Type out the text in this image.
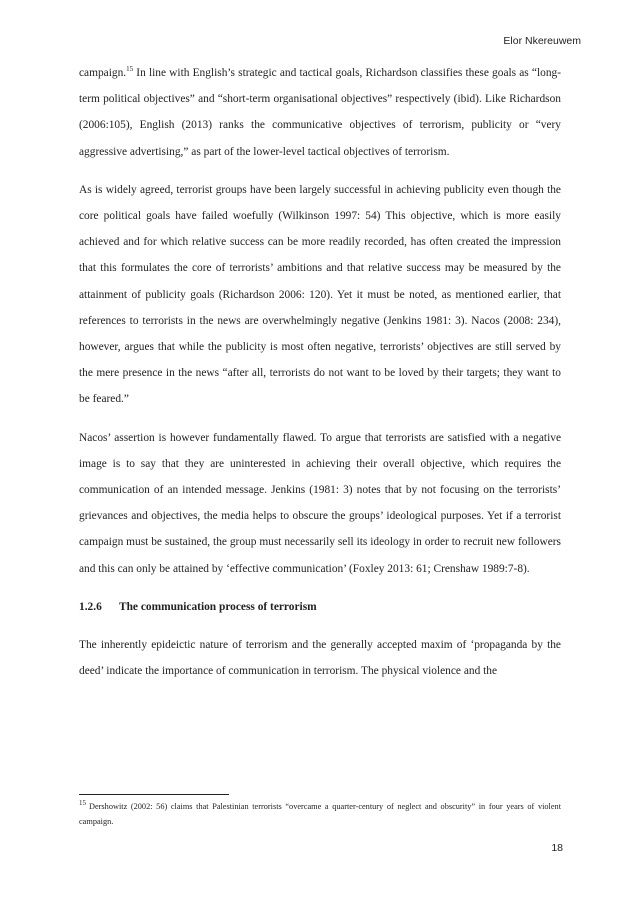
Elor Nkereuwem

campaign.$^{15}$ In line with English’s strategic and tactical goals, Richardson classifies these goals as “long-term political objectives” and “short-term organisational objectives” respectively (ibid). Like Richardson (2006:105), English (2013) ranks the communicative objectives of terrorism, publicity or “very aggressive advertising,” as part of the lower-level tactical objectives of terrorism.

As is widely agreed, terrorist groups have been largely successful in achieving publicity even though the core political goals have failed woefully (Wilkinson 1997: 54) This objective, which is more easily achieved and for which relative success can be more readily recorded, has often created the impression that this formulates the core of terrorists’ ambitions and that relative success may be measured by the attainment of publicity goals (Richardson 2006: 120). Yet it must be noted, as mentioned earlier, that references to terrorists in the news are overwhelmingly negative (Jenkins 1981: 3). Nacos (2008: 234), however, argues that while the publicity is most often negative, terrorists’ objectives are still served by the mere presence in the news “after all, terrorists do not want to be loved by their targets; they want to be feared.”

Nacos’ assertion is however fundamentally flawed. To argue that terrorists are satisfied with a negative image is to say that they are uninterested in achieving their overall objective, which requires the communication of an intended message. Jenkins (1981: 3) notes that by not focusing on the terrorists’ grievances and objectives, the media helps to obscure the groups’ ideological purposes. Yet if a terrorist campaign must be sustained, the group must necessarily sell its ideology in order to recruit new followers and this can only be attained by ‘effective communication’ (Foxley 2013: 61; Crenshaw 1989:7-8).

1.2.6 The communication process of terrorism

The inherently epideictic nature of terrorism and the generally accepted maxim of ‘propaganda by the deed’ indicate the importance of communication in terrorism. The physical violence and the

$^{15}$ Dershowitz (2002: 56) claims that Palestinian terrorists “overcame a quarter-century of neglect and obscurity” in four years of violent campaign.
18
